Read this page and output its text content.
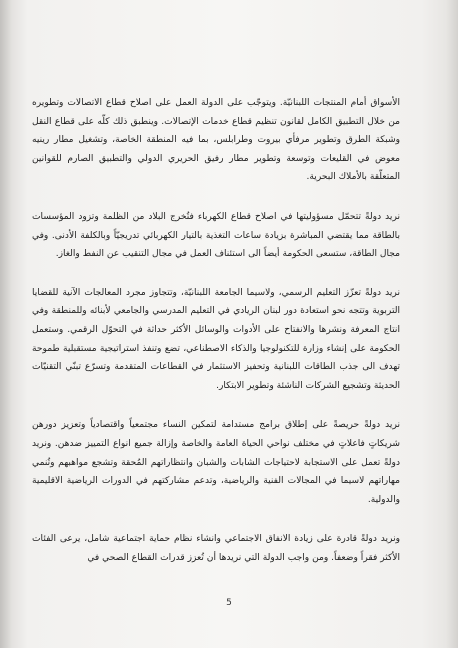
الأسواق أمام المنتجات اللبنانيّة. ويتوجّب على الدولة العمل على اصلاح قطاع الاتصالات وتطويره من خلال التطبيق الكامل لقانون تنظيم قطاع خدمات الإتصالات. وينطبق ذلك كلّه على قطاع النقل وشبكة الطرق وتطوير مرفأي بيروت وطرابلس، بما فيه المنطقة الخاصة، وتشغيل مطار رينيه معوض في القليعات وتوسعة وتطوير مطار رفيق الحريري الدولي والتطبيق الصارم للقوانين المتعلّقة بالأملاك البحرية.

نريد دولةً تتحمّل مسؤوليتها في اصلاح قطاع الكهرباء فتُخرج البلاد من الظلمة وتزود المؤسسات بالطاقة مما يقتضي المباشرة بزيادة ساعات التغذية بالتيار الكهربائي تدريجيّاً وبالكلفة الأدنى. وفي مجال الطاقة، ستسعى الحكومة أيضاً الى استئناف العمل في مجال التنقيب عن النفط والغاز.

نريد دولةً تعزّز التعليم الرسمي، ولاسيما الجامعة اللبنانيّة، وتتجاوز مجرد المعالجات الآنية للقضايا التربوية وتتجه نحو استعادة دور لبنان الريادي في التعليم المدرسي والجامعي لأبنائه وللمنطقة وفي انتاج المعرفة ونشرها والانفتاح على الأدوات والوسائل الأكثر حداثة في التحوّل الرقمي. وستعمل الحكومة على إنشاء وزارة للتكنولوجيا والذكاء الاصطناعي، تضع وتنفذ استراتيجية مستقبلية طموحة تهدف الى جذب الطاقات اللبنانية وتحفيز الاستثمار في القطاعات المتقدمة وتسرّع تبنّي التقنيّات الحديثة وتشجيع الشركات الناشئة وتطوير الابتكار.

نريد دولةً حريصةً على إطلاق برامج مستدامة لتمكين النساء مجتمعياً واقتصادياً وتعزيز دورهن شريكاتٍ فاعلاتٍ في مختلف نواحي الحياة العامة والخاصة وإزالة جميع انواع التمييز ضدهن. ونريد دولةً تعمل على الاستجابة لاحتياجات الشابات والشبان وانتظاراتهم المُحقة وتشجع مواهبهم وتُنمي مهاراتهم لاسيما في المجالات الفنية والرياضية، وتدعم مشاركتهم في الدورات الرياضية الاقليمية والدولية.

ونريد دولةً قادرة على زيادة الانفاق الاجتماعي وانشاء نظام حماية اجتماعية شامل، يرعى الفئات الأكثر فقراً وضعفاً. ومن واجب الدولة التي نريدها أن تُعزز قدرات القطاع الصحي في

5
